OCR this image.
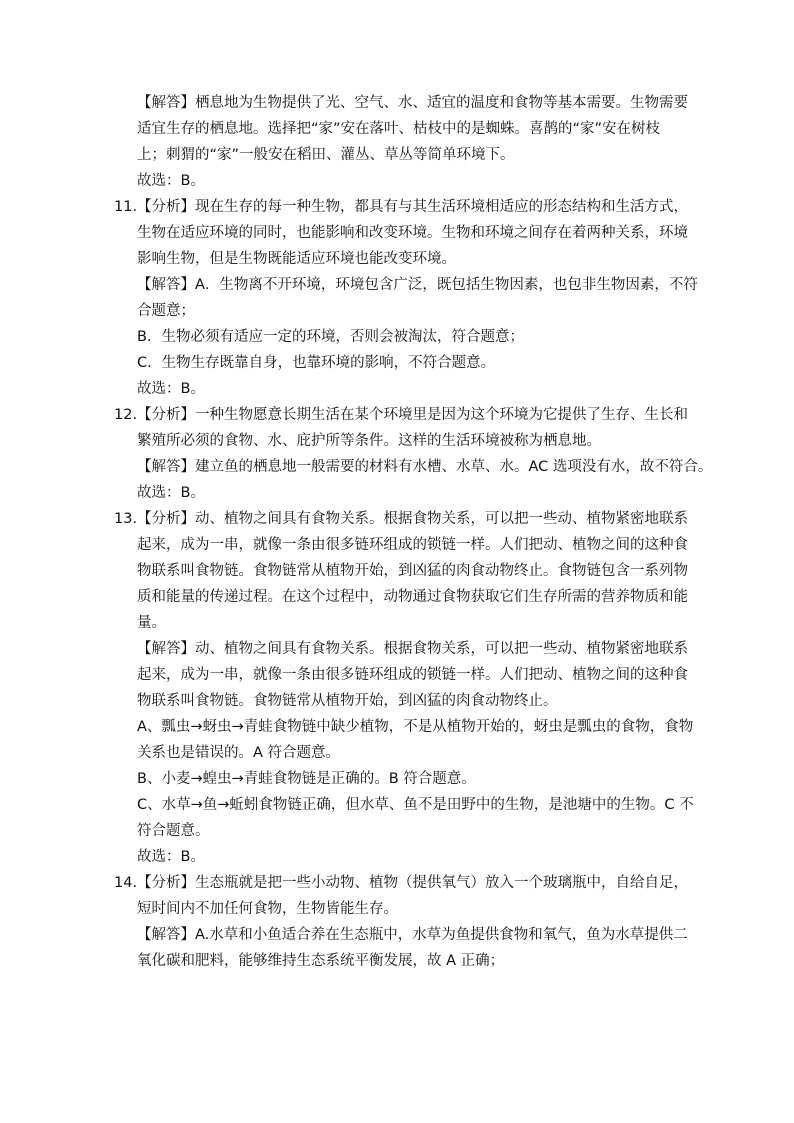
【解答】栖息地为生物提供了光、空气、水、适宜的温度和食物等基本需要。生物需要
适宜生存的栖息地。选择把“家”安在落叶、枯枝中的是蜘蛛。喜鹊的“家”安在树枝
上；刺猬的“家”一般安在稻田、灌丛、草丛等简单环境下。
故选：B。
11.【分析】现在生存的每一种生物，都具有与其生活环境相适应的形态结构和生活方式，
生物在适应环境的同时，也能影响和改变环境。生物和环境之间存在着两种关系，环境
影响生物，但是生物既能适应环境也能改变环境。
【解答】A．生物离不开环境，环境包含广泛，既包括生物因素，也包非生物因素，不符
合题意；
B．生物必须有适应一定的环境，否则会被淘汰，符合题意；
C．生物生存既靠自身，也靠环境的影响，不符合题意。
故选：B。
12.【分析】一种生物愿意长期生活在某个环境里是因为这个环境为它提供了生存、生长和
繁殖所必须的食物、水、庇护所等条件。这样的生活环境被称为栖息地。
【解答】建立鱼的栖息地一般需要的材料有水槽、水草、水。AC 选项没有水，故不符合。
故选：B。
13.【分析】动、植物之间具有食物关系。根据食物关系，可以把一些动、植物紧密地联系
起来，成为一串，就像一条由很多链环组成的锁链一样。人们把动、植物之间的这种食
物联系叫食物链。食物链常从植物开始，到凶猛的肉食动物终止。食物链包含一系列物
质和能量的传递过程。在这个过程中，动物通过食物获取它们生存所需的营养物质和能
量。
【解答】动、植物之间具有食物关系。根据食物关系，可以把一些动、植物紧密地联系
起来，成为一串，就像一条由很多链环组成的锁链一样。人们把动、植物之间的这种食
物联系叫食物链。食物链常从植物开始，到凶猛的肉食动物终止。
A、瓢虫→蚜虫→青蛙食物链中缺少植物，不是从植物开始的，蚜虫是瓢虫的食物，食物
关系也是错误的。A 符合题意。
B、小麦→蝗虫→青蛙食物链是正确的。B 符合题意。
C、水草→鱼→蚯蚓食物链正确，但水草、鱼不是田野中的生物，是池塘中的生物。C 不
符合题意。
故选：B。
14.【分析】生态瓶就是把一些小动物、植物（提供氧气）放入一个玻璃瓶中，自给自足，
短时间内不加任何食物，生物皆能生存。
【解答】A.水草和小鱼适合养在生态瓶中，水草为鱼提供食物和氧气，鱼为水草提供二
氧化碳和肥料，能够维持生态系统平衡发展，故 A 正确；
